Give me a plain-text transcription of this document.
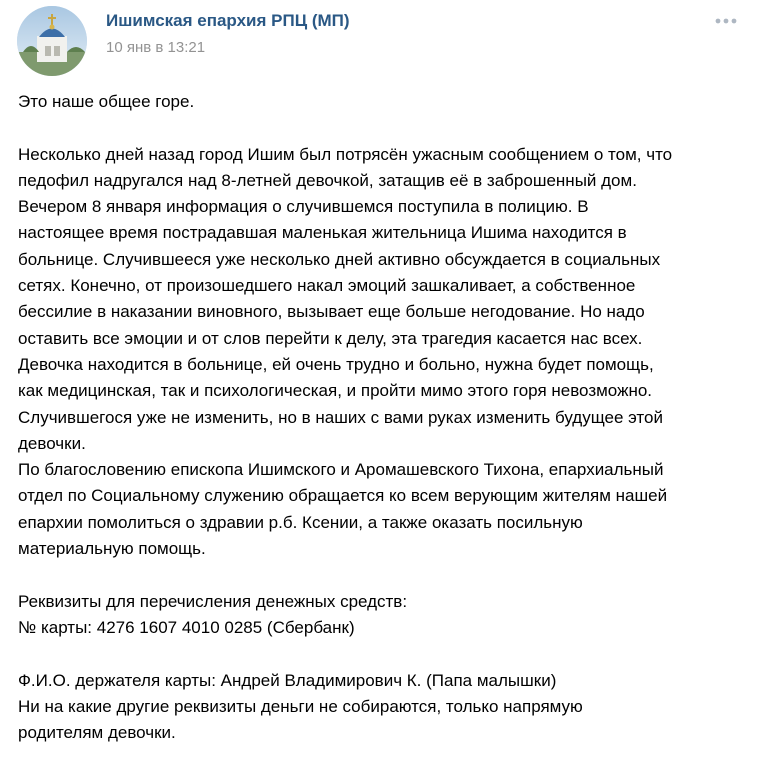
Ишимская епархия РПЦ (МП)
10 янв в 13:21
Это наше общее горе.
Несколько дней назад город Ишим был потрясён ужасным сообщением о том, что
педофил надругался над 8-летней девочкой, затащив её в заброшенный дом.
Вечером 8 января информация о случившемся поступила в полицию. В
настоящее время пострадавшая маленькая жительница Ишима находится в
больнице. Случившееся уже несколько дней активно обсуждается в социальных
сетях. Конечно, от произошедшего накал эмоций зашкаливает, а собственное
бессилие в наказании виновного, вызывает еще больше негодование. Но надо
оставить все эмоции и от слов перейти к делу, эта трагедия касается нас всех.
Девочка находится в больнице, ей очень трудно и больно, нужна будет помощь,
как медицинская, так и психологическая, и пройти мимо этого горя невозможно.
Случившегося уже не изменить, но в наших с вами руках изменить будущее этой
девочки.
По благословению епископа Ишимского и Аромашевского Тихона, епархиальный
отдел по Социальному служению обращается ко всем верующим жителям нашей
епархии помолиться о здравии р.б. Ксении, а также оказать посильную
материальную помощь.
Реквизиты для перечисления денежных средств:
№ карты: 4276 1607 4010 0285 (Сбербанк)
Ф.И.О. держателя карты: Андрей Владимирович К. (Папа малышки)
Ни на какие другие реквизиты деньги не собираются, только напрямую
родителям девочки.
